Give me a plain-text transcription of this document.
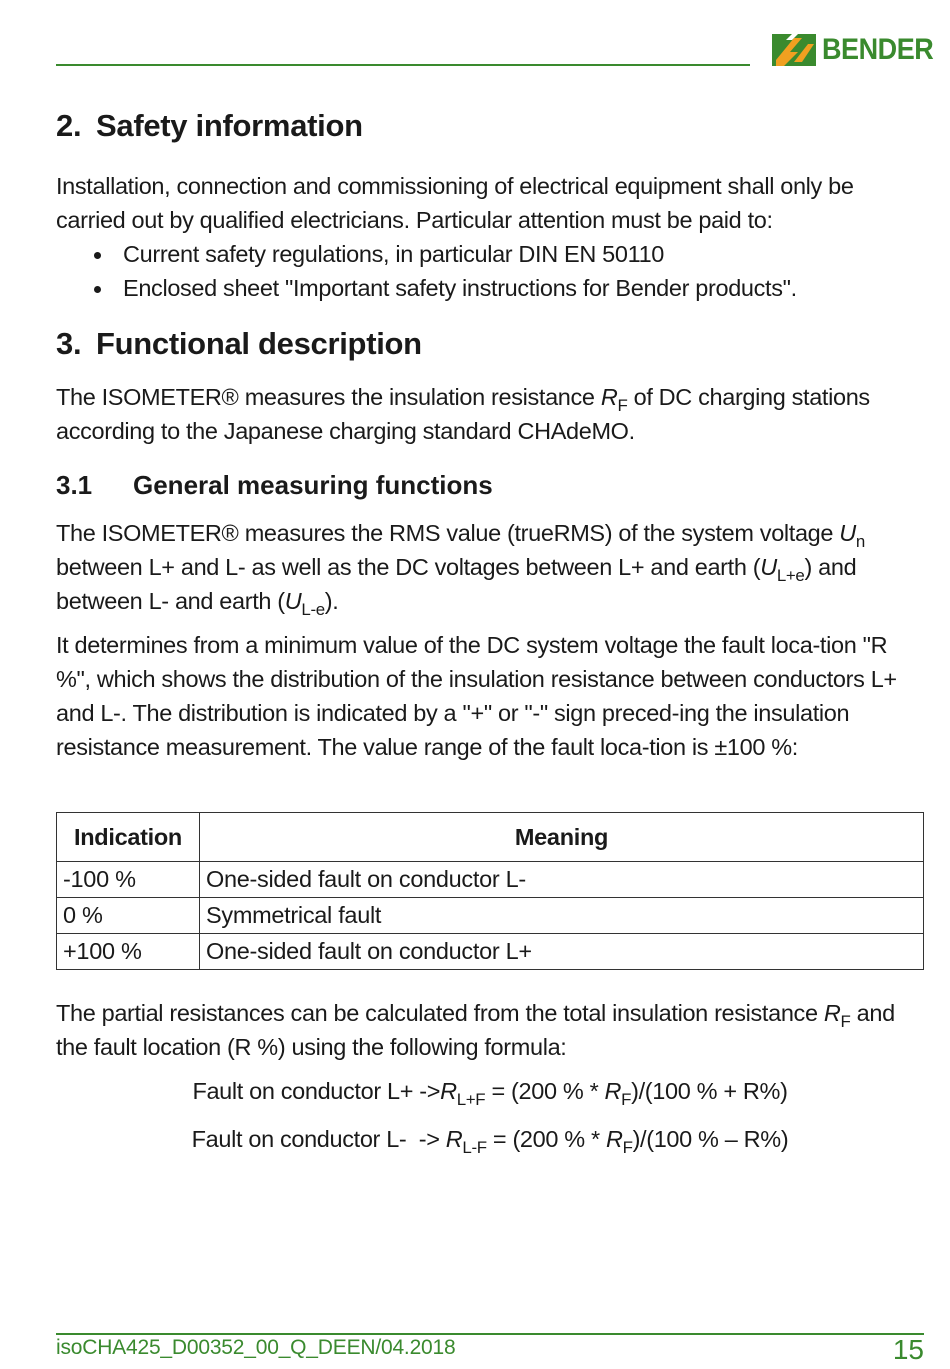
BENDER
2. Safety information

Installation, connection and commissioning of electrical equipment shall only be carried out by qualified electricians. Particular attention must be paid to:

Current safety regulations, in particular DIN EN 50110
Enclosed sheet "Important safety instructions for Bender products".
3. Functional description

The ISOMETER® measures the insulation resistance $R_F$ of DC charging stations according to the Japanese charging standard CHAdeMO.

3.1 General measuring functions

The ISOMETER® measures the RMS value (trueRMS) of the system voltage $U_n$ between L+ and L- as well as the DC voltages between L+ and earth $(U_{L+e})$ and between L- and earth $(U_{L-e})$.

It determines from a minimum value of the DC system voltage the fault loca-tion "R %", which shows the distribution of the insulation resistance between conductors L+ and L-. The distribution is indicated by a "+" or "-" sign preced-ing the insulation resistance measurement. The value range of the fault loca-tion is ±100 %:

Indication	Meaning
-100 %	One-sided fault on conductor L-
0 %	Symmetrical fault
+100 %	One-sided fault on conductor L+

The partial resistances can be calculated from the total insulation resistance $R_F$ and the fault location (R %) using the following formula:

Fault on conductor $L+ ->R_{L+F} = (200$ % * $R_F)/(100$ % + R%)
Fault on conductor $L- -> R_{L-F} = (200$ % * $R_F)/(100$ % – R%)
isoCHA425_D00352_00_Q_DEEN/04.2018	15
